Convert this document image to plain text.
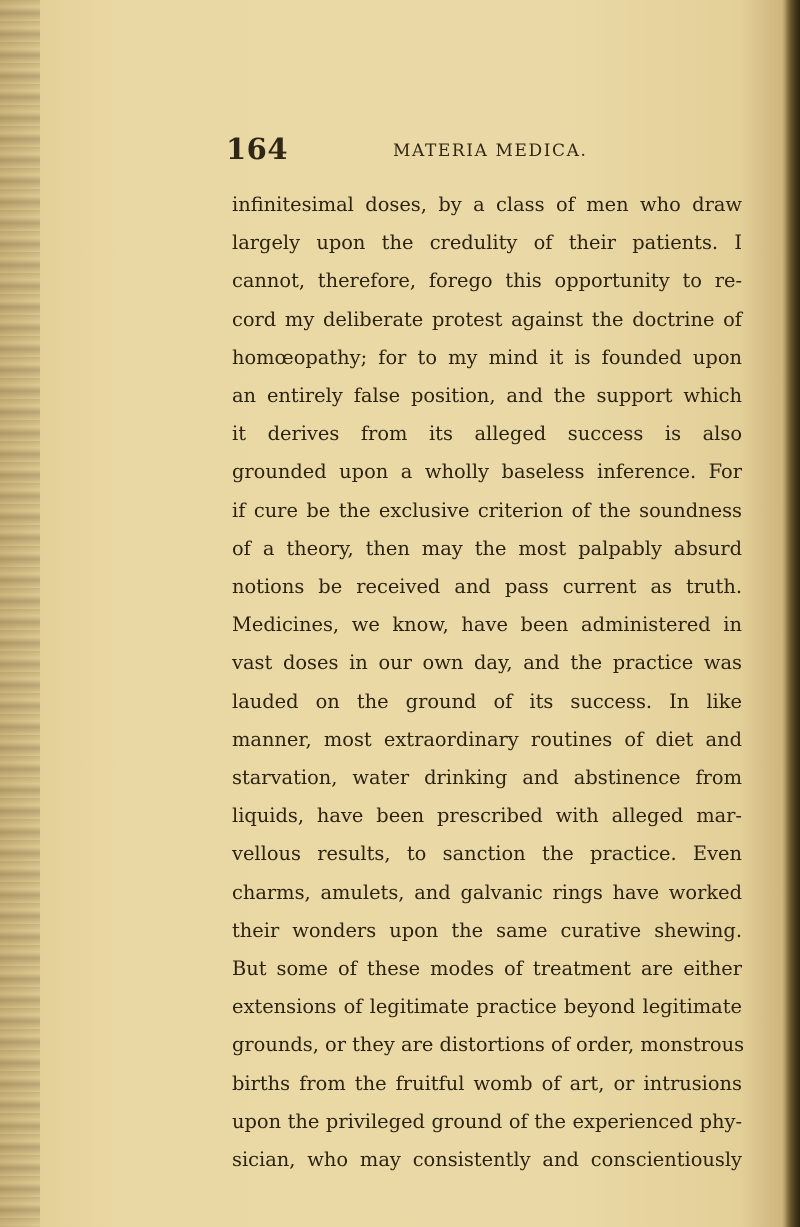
164	MATERIA MEDICA.
infinitesimal doses, by a class of men who draw
largely upon the credulity of their patients. I
cannot, therefore, forego this opportunity to re-
cord my deliberate protest against the doctrine of
homœopathy; for to my mind it is founded upon
an entirely false position, and the support which
it derives from its alleged success is also
grounded upon a wholly baseless inference. For
if cure be the exclusive criterion of the soundness
of a theory, then may the most palpably absurd
notions be received and pass current as truth.
Medicines, we know, have been administered in
vast doses in our own day, and the practice was
lauded on the ground of its success. In like
manner, most extraordinary routines of diet and
starvation, water drinking and abstinence from
liquids, have been prescribed with alleged mar-
vellous results, to sanction the practice. Even
charms, amulets, and galvanic rings have worked
their wonders upon the same curative shewing.
But some of these modes of treatment are either
extensions of legitimate practice beyond legitimate
grounds, or they are distortions of order, monstrous
births from the fruitful womb of art, or intrusions
upon the privileged ground of the experienced phy-
sician, who may consistently and conscientiously
